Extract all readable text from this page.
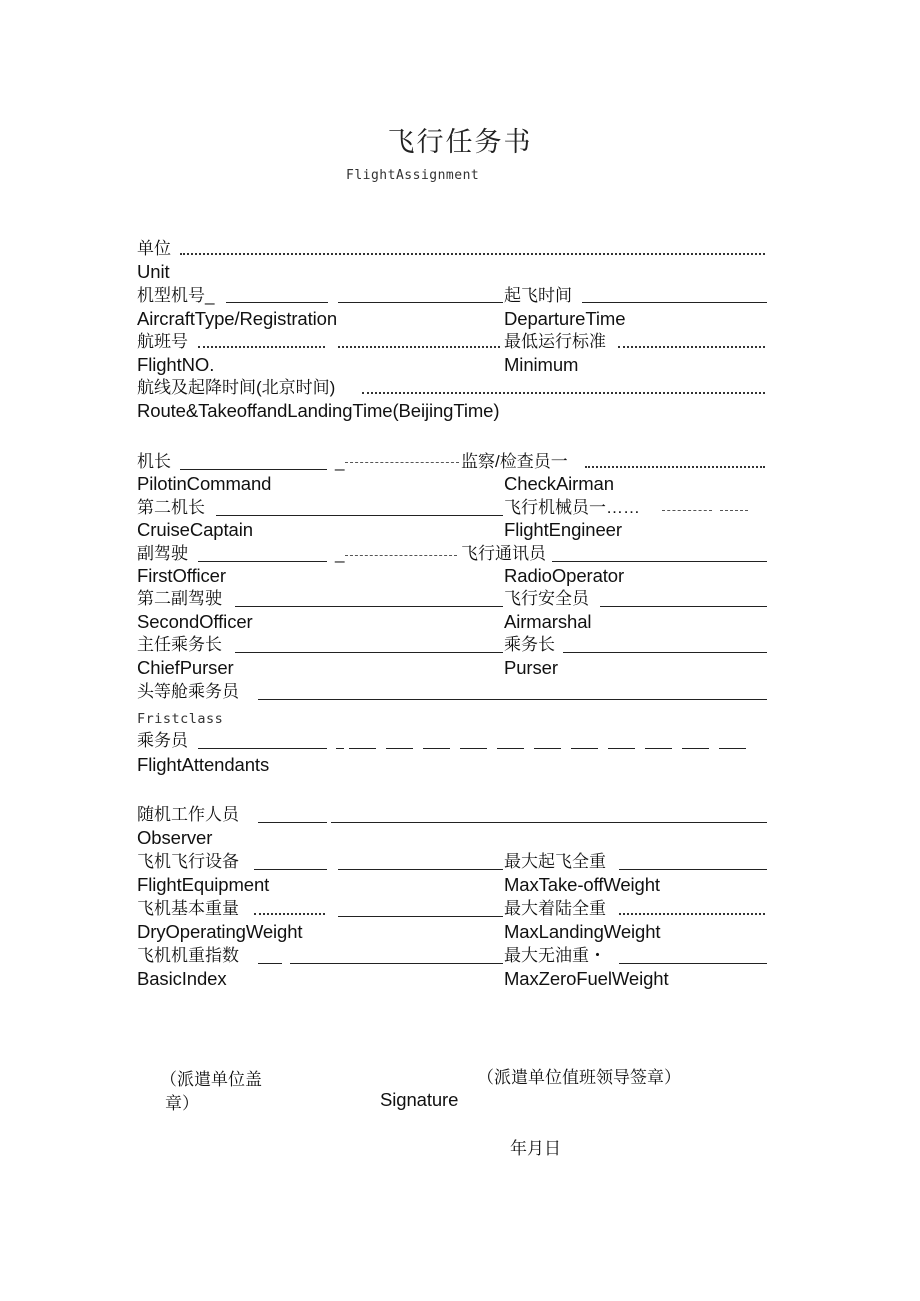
飞行任务书
FlightAssignment
单位
Unit
机型机号_	起飞时间
AircraftType/Registration	DepartureTime
航班号	最低运行标准
FlightNO.	Minimum
航线及起降时间(北京时间)
Route&TakeoffandLandingTime(BeijingTime)
机长	_	监察/检查员一
PilotinCommand	CheckAirman
第二机长	飞行机械员一……
CruiseCaptain	FlightEngineer
副驾驶	_	飞行通讯员
FirstOfficer	RadioOperator
第二副驾驶	飞行安全员
SecondOfficer	Airmarshal
主任乘务长	乘务长
ChiefPurser	Purser
头等舱乘务员
Fristclass
乘务员
FlightAttendants
随机工作人员
Observer
飞机飞行设备	最大起飞全重
FlightEquipment	MaxTake-offWeight
飞机基本重量	最大着陆全重
DryOperatingWeight	MaxLandingWeight
飞机机重指数	最大无油重・
BasicIndex	MaxZeroFuelWeight
（派遣单位盖
章）	Signature
（派遣单位值班领导签章）
年月日
